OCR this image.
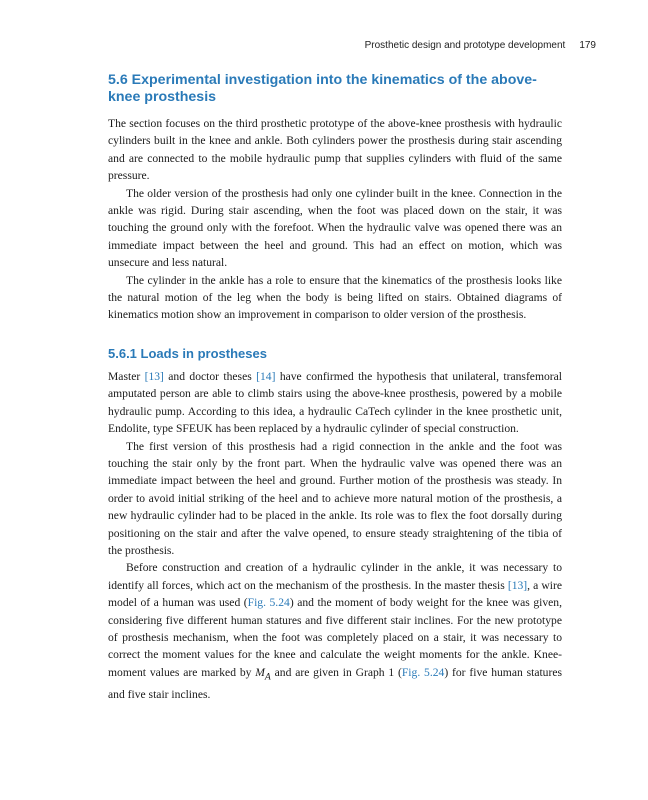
Prosthetic design and prototype development 179
5.6 Experimental investigation into the kinematics of the above-knee prosthesis

The section focuses on the third prosthetic prototype of the above-knee prosthesis with hydraulic cylinders built in the knee and ankle. Both cylinders power the prosthesis during stair ascending and are connected to the mobile hydraulic pump that supplies cylinders with fluid of the same pressure.

The older version of the prosthesis had only one cylinder built in the knee. Connection in the ankle was rigid. During stair ascending, when the foot was placed down on the stair, it was touching the ground only with the forefoot. When the hydraulic valve was opened there was an immediate impact between the heel and ground. This had an effect on motion, which was unsecure and less natural.

The cylinder in the ankle has a role to ensure that the kinematics of the prosthesis looks like the natural motion of the leg when the body is being lifted on stairs. Obtained diagrams of kinematics motion show an improvement in comparison to older version of the prosthesis.

5.6.1 Loads in prostheses

Master [13] and doctor theses [14] have confirmed the hypothesis that unilateral, transfemoral amputated person are able to climb stairs using the above-knee prosthesis, powered by a mobile hydraulic pump. According to this idea, a hydraulic CaTech cylinder in the knee prosthetic unit, Endolite, type SFEUK has been replaced by a hydraulic cylinder of special construction.

The first version of this prosthesis had a rigid connection in the ankle and the foot was touching the stair only by the front part. When the hydraulic valve was opened there was an immediate impact between the heel and ground. Further motion of the prosthesis was steady. In order to avoid initial striking of the heel and to achieve more natural motion of the prosthesis, a new hydraulic cylinder had to be placed in the ankle. Its role was to flex the foot dorsally during positioning on the stair and after the valve opened, to ensure steady straightening of the tibia of the prosthesis.

Before construction and creation of a hydraulic cylinder in the ankle, it was necessary to identify all forces, which act on the mechanism of the prosthesis. In the master thesis [13], a wire model of a human was used (Fig. 5.24) and the moment of body weight for the knee was given, considering five different human statures and five different stair inclines. For the new prototype of prosthesis mechanism, when the foot was completely placed on a stair, it was necessary to correct the moment values for the knee and calculate the weight moments for the ankle. Knee-moment values are marked by $M_A$ and are given in Graph 1 (Fig. 5.24) for five human statures and five stair inclines.
